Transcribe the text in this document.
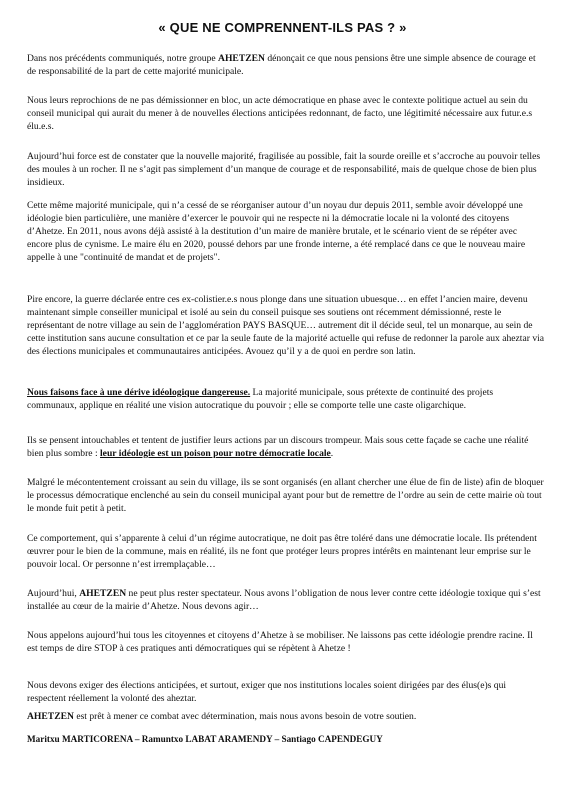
« QUE NE COMPRENNENT-ILS PAS ? »
Dans nos précédents communiqués, notre groupe AHETZEN dénonçait ce que nous pensions être une simple absence de courage et de responsabilité de la part de cette majorité municipale.
Nous leurs reprochions de ne pas démissionner en bloc, un acte démocratique en phase avec le contexte politique actuel au sein du conseil municipal qui aurait du mener à de nouvelles élections anticipées redonnant, de facto, une légitimité nécessaire aux futur.e.s élu.e.s.
Aujourd’hui force est de constater que la nouvelle majorité, fragilisée au possible, fait la sourde oreille et s’accroche au pouvoir telles des moules à un rocher. Il ne s’agit pas simplement d’un manque de courage et de responsabilité, mais de quelque chose de bien plus insidieux.
Cette même majorité municipale, qui n’a cessé de se réorganiser autour d’un noyau dur depuis 2011, semble avoir développé une idéologie bien particulière, une manière d’exercer le pouvoir qui ne respecte ni la démocratie locale ni la volonté des citoyens d’Ahetze. En 2011, nous avons déjà assisté à la destitution d’un maire de manière brutale, et le scénario vient de se répéter avec encore plus de cynisme. Le maire élu en 2020, poussé dehors par une fronde interne, a été remplacé dans ce que le nouveau maire appelle à une "continuité de mandat et de projets".
Pire encore, la guerre déclarée entre ces ex-colistier.e.s nous plonge dans une situation ubuesque… en effet l’ancien maire, devenu maintenant simple conseiller municipal et isolé au sein du conseil puisque ses soutiens ont récemment démissionné, reste le représentant de notre village au sein de l’agglomération PAYS BASQUE… autrement dit il décide seul, tel un monarque, au sein de cette institution sans aucune consultation et ce par la seule faute de la majorité actuelle qui refuse de redonner la parole aux aheztar via des élections municipales et communautaires anticipées. Avouez qu’il y a de quoi en perdre son latin.
Nous faisons face à une dérive idéologique dangereuse. La majorité municipale, sous prétexte de continuité des projets communaux, applique en réalité une vision autocratique du pouvoir ; elle se comporte telle une caste oligarchique.
Ils se pensent intouchables et tentent de justifier leurs actions par un discours trompeur. Mais sous cette façade se cache une réalité bien plus sombre : leur idéologie est un poison pour notre démocratie locale.
Malgré le mécontentement croissant au sein du village, ils se sont organisés (en allant chercher une élue de fin de liste) afin de bloquer le processus démocratique enclenché au sein du conseil municipal ayant pour but de remettre de l’ordre au sein de cette mairie où tout le monde fuit petit à petit.
Ce comportement, qui s’apparente à celui d’un régime autocratique, ne doit pas être toléré dans une démocratie locale. Ils prétendent œuvrer pour le bien de la commune, mais en réalité, ils ne font que protéger leurs propres intérêts en maintenant leur emprise sur le pouvoir local. Or personne n’est irremplaçable…
Aujourd’hui, AHETZEN ne peut plus rester spectateur. Nous avons l’obligation de nous lever contre cette idéologie toxique qui s’est installée au cœur de la mairie d’Ahetze. Nous devons agir…
Nous appelons aujourd’hui tous les citoyennes et citoyens d’Ahetze à se mobiliser. Ne laissons pas cette idéologie prendre racine. Il est temps de dire STOP à ces pratiques anti démocratiques qui se répètent à Ahetze !
Nous devons exiger des élections anticipées, et surtout, exiger que nos institutions locales soient dirigées par des élus(e)s qui respectent réellement la volonté des aheztar.
AHETZEN est prêt à mener ce combat avec détermination, mais nous avons besoin de votre soutien.
Maritxu MARTICORENA – Ramuntxo LABAT ARAMENDY – Santiago CAPENDEGUY
